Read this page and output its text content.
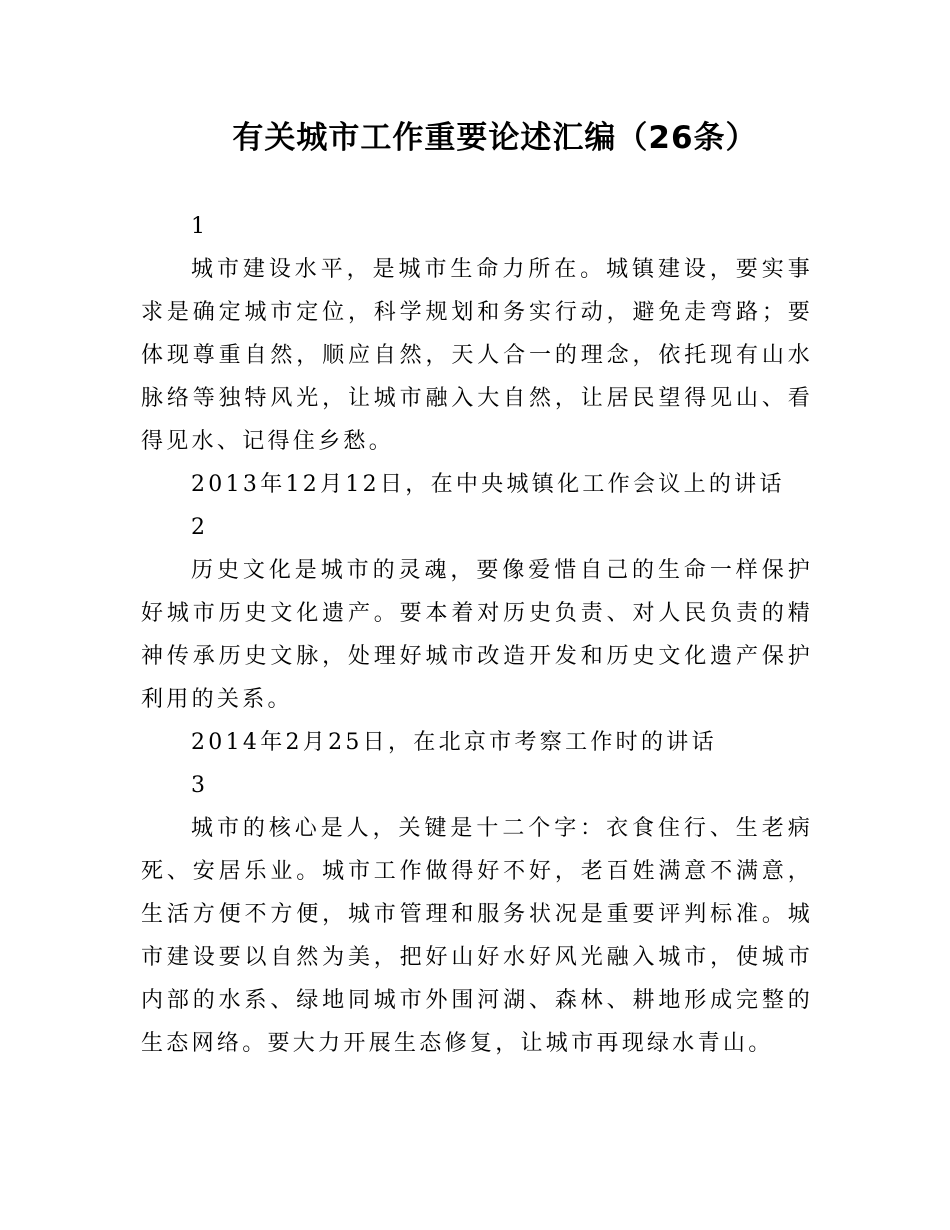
有关城市工作重要论述汇编（26条）

1

城市建设水平，是城市生命力所在。城镇建设，要实事求是确定城市定位，科学规划和务实行动，避免走弯路；要体现尊重自然，顺应自然，天人合一的理念，依托现有山水脉络等独特风光，让城市融入大自然，让居民望得见山、看得见水、记得住乡愁。

2013年12月12日，在中央城镇化工作会议上的讲话

2

历史文化是城市的灵魂，要像爱惜自己的生命一样保护好城市历史文化遗产。要本着对历史负责、对人民负责的精神传承历史文脉，处理好城市改造开发和历史文化遗产保护利用的关系。

2014年2月25日，在北京市考察工作时的讲话

3

城市的核心是人，关键是十二个字：衣食住行、生老病死、安居乐业。城市工作做得好不好，老百姓满意不满意，生活方便不方便，城市管理和服务状况是重要评判标准。城市建设要以自然为美，把好山好水好风光融入城市，使城市内部的水系、绿地同城市外围河湖、森林、耕地形成完整的生态网络。要大力开展生态修复，让城市再现绿水青山。
